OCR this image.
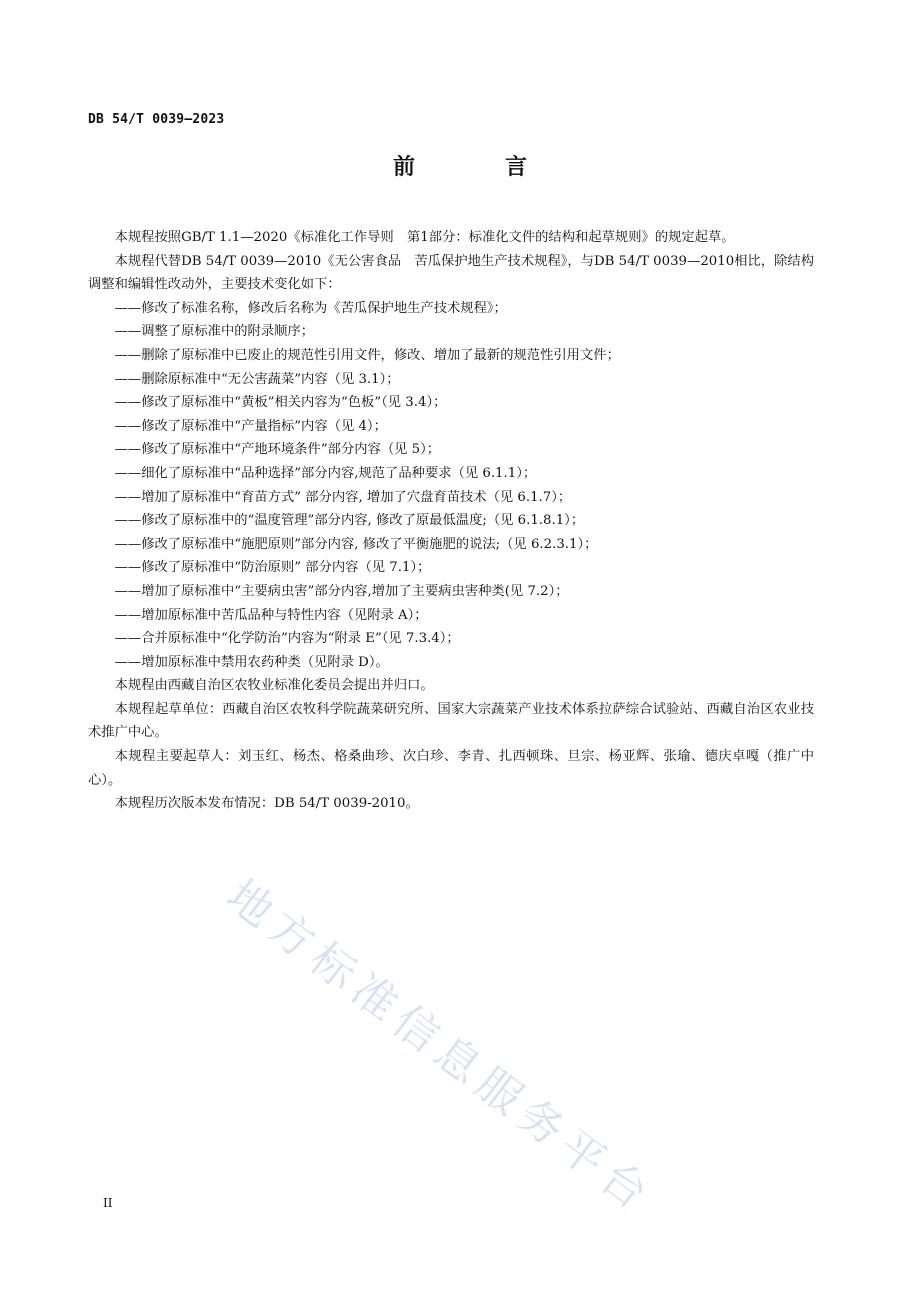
DB 54/T 0039—2023
前　言

本规程按照GB/T 1.1—2020《标准化工作导则　第1部分：标准化文件的结构和起草规则》的规定起草。

本规程代替DB 54/T 0039—2010《无公害食品　苦瓜保护地生产技术规程》，与DB 54/T 0039—2010相比，除结构调整和编辑性改动外，主要技术变化如下：

——修改了标准名称，修改后名称为《苦瓜保护地生产技术规程》；

——调整了原标准中的附录顺序；

——删除了原标准中已废止的规范性引用文件，修改、增加了最新的规范性引用文件；

——删除原标准中“无公害蔬菜”内容（见 3.1）；

——修改了原标准中“黄板”相关内容为“色板”（见 3.4）；

——修改了原标准中“产量指标”内容（见 4）；

——修改了原标准中“产地环境条件”部分内容（见 5）；

——细化了原标准中“品种选择”部分内容,规范了品种要求（见 6.1.1）；

——增加了原标准中“育苗方式” 部分内容, 增加了穴盘育苗技术（见 6.1.7）；

——修改了原标准中的“温度管理”部分内容, 修改了原最低温度;（见 6.1.8.1）；

——修改了原标准中“施肥原则”部分内容, 修改了平衡施肥的说法;（见 6.2.3.1）；

——修改了原标准中“防治原则” 部分内容（见 7.1）；

——增加了原标准中“主要病虫害”部分内容,增加了主要病虫害种类(见 7.2）；

——增加原标准中苦瓜品种与特性内容（见附录 A）；

——合并原标准中“化学防治”内容为“附录 E”（见 7.3.4）；

——增加原标准中禁用农药种类（见附录 D）。

本规程由西藏自治区农牧业标准化委员会提出并归口。

本规程起草单位：西藏自治区农牧科学院蔬菜研究所、国家大宗蔬菜产业技术体系拉萨综合试验站、西藏自治区农业技术推广中心。

本规程主要起草人：刘玉红、杨杰、格桑曲珍、次白珍、李青、扎西顿珠、旦宗、杨亚辉、张瑜、德庆卓嘎（推广中心）。

本规程历次版本发布情况：DB 54/T 0039-2010。

地方标准信息服务平台
II
